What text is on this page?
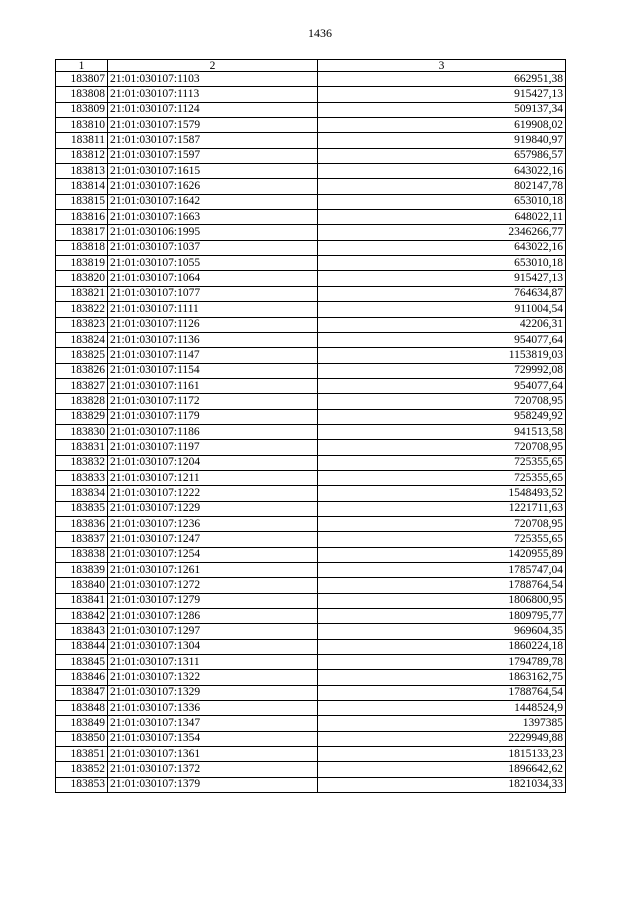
1436
1	2	3
183807	21:01:030107:1103	662951,38
183808	21:01:030107:1113	915427,13
183809	21:01:030107:1124	509137,34
183810	21:01:030107:1579	619908,02
183811	21:01:030107:1587	919840,97
183812	21:01:030107:1597	657986,57
183813	21:01:030107:1615	643022,16
183814	21:01:030107:1626	802147,78
183815	21:01:030107:1642	653010,18
183816	21:01:030107:1663	648022,11
183817	21:01:030106:1995	2346266,77
183818	21:01:030107:1037	643022,16
183819	21:01:030107:1055	653010,18
183820	21:01:030107:1064	915427,13
183821	21:01:030107:1077	764634,87
183822	21:01:030107:1111	911004,54
183823	21:01:030107:1126	42206,31
183824	21:01:030107:1136	954077,64
183825	21:01:030107:1147	1153819,03
183826	21:01:030107:1154	729992,08
183827	21:01:030107:1161	954077,64
183828	21:01:030107:1172	720708,95
183829	21:01:030107:1179	958249,92
183830	21:01:030107:1186	941513,58
183831	21:01:030107:1197	720708,95
183832	21:01:030107:1204	725355,65
183833	21:01:030107:1211	725355,65
183834	21:01:030107:1222	1548493,52
183835	21:01:030107:1229	1221711,63
183836	21:01:030107:1236	720708,95
183837	21:01:030107:1247	725355,65
183838	21:01:030107:1254	1420955,89
183839	21:01:030107:1261	1785747,04
183840	21:01:030107:1272	1788764,54
183841	21:01:030107:1279	1806800,95
183842	21:01:030107:1286	1809795,77
183843	21:01:030107:1297	969604,35
183844	21:01:030107:1304	1860224,18
183845	21:01:030107:1311	1794789,78
183846	21:01:030107:1322	1863162,75
183847	21:01:030107:1329	1788764,54
183848	21:01:030107:1336	1448524,9
183849	21:01:030107:1347	1397385
183850	21:01:030107:1354	2229949,88
183851	21:01:030107:1361	1815133,23
183852	21:01:030107:1372	1896642,62
183853	21:01:030107:1379	1821034,33
